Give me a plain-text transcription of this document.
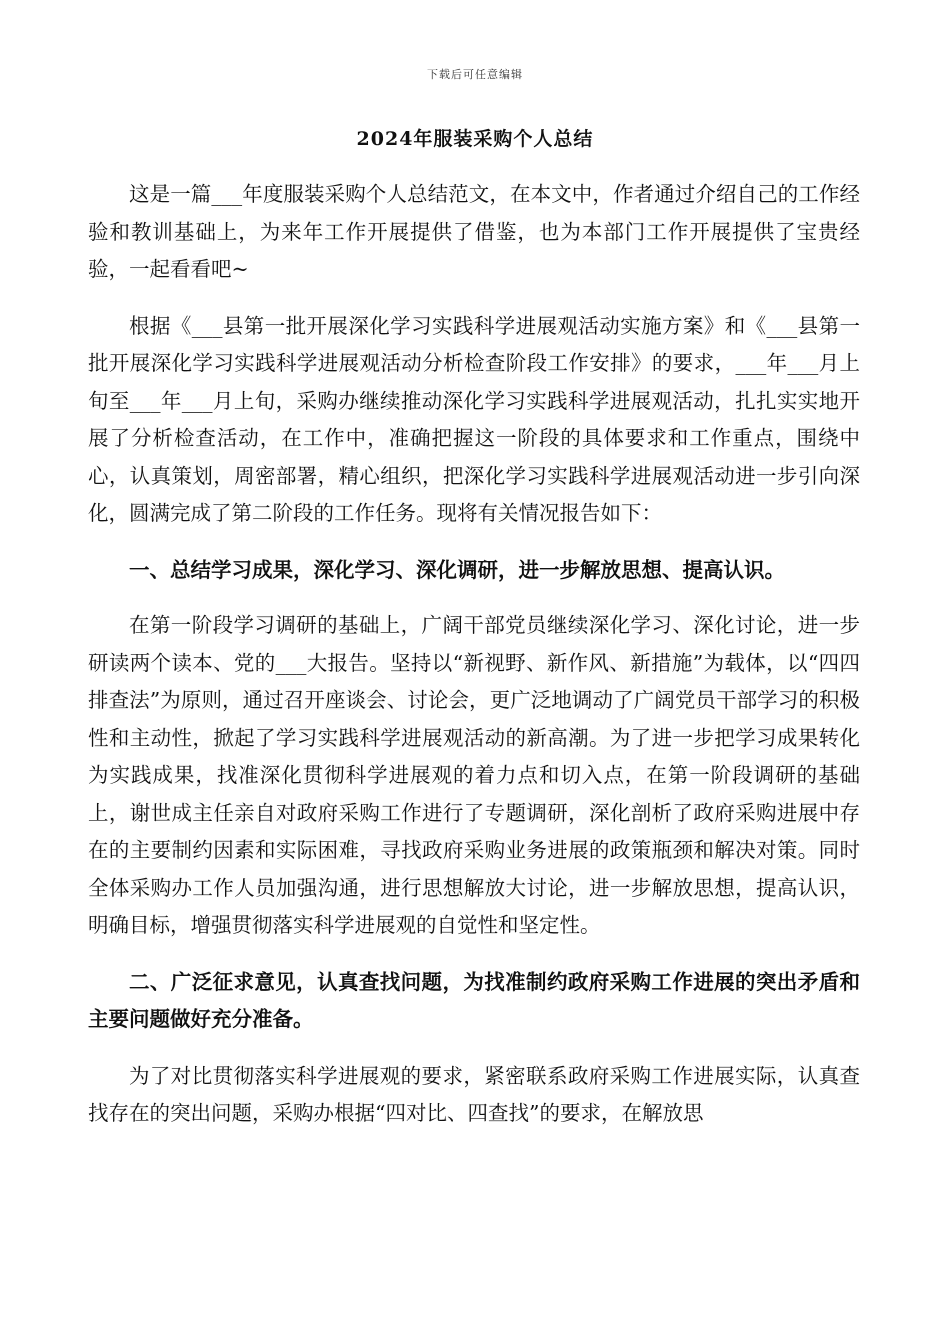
下载后可任意编辑
2024年服装采购个人总结

这是一篇___年度服装采购个人总结范文，在本文中，作者通过介绍自己的工作经验和教训基础上，为来年工作开展提供了借鉴，也为本部门工作开展提供了宝贵经验，一起看看吧~

根据《___县第一批开展深化学习实践科学进展观活动实施方案》和《___县第一批开展深化学习实践科学进展观活动分析检查阶段工作安排》的要求，___年___月上旬至___年___月上旬，采购办继续推动深化学习实践科学进展观活动，扎扎实实地开展了分析检查活动，在工作中，准确把握这一阶段的具体要求和工作重点，围绕中心，认真策划，周密部署，精心组织，把深化学习实践科学进展观活动进一步引向深化，圆满完成了第二阶段的工作任务。现将有关情况报告如下：

一、总结学习成果，深化学习、深化调研，进一步解放思想、提高认识。

在第一阶段学习调研的基础上，广阔干部党员继续深化学习、深化讨论，进一步研读两个读本、党的___大报告。坚持以“新视野、新作风、新措施”为载体，以“四四排查法”为原则，通过召开座谈会、讨论会，更广泛地调动了广阔党员干部学习的积极性和主动性，掀起了学习实践科学进展观活动的新高潮。为了进一步把学习成果转化为实践成果，找准深化贯彻科学进展观的着力点和切入点，在第一阶段调研的基础上，谢世成主任亲自对政府采购工作进行了专题调研，深化剖析了政府采购进展中存在的主要制约因素和实际困难，寻找政府采购业务进展的政策瓶颈和解决对策。同时全体采购办工作人员加强沟通，进行思想解放大讨论，进一步解放思想，提高认识，明确目标，增强贯彻落实科学进展观的自觉性和坚定性。

二、广泛征求意见，认真查找问题，为找准制约政府采购工作进展的突出矛盾和主要问题做好充分准备。

为了对比贯彻落实科学进展观的要求，紧密联系政府采购工作进展实际，认真查找存在的突出问题，采购办根据“四对比、四查找”的要求，在解放思
